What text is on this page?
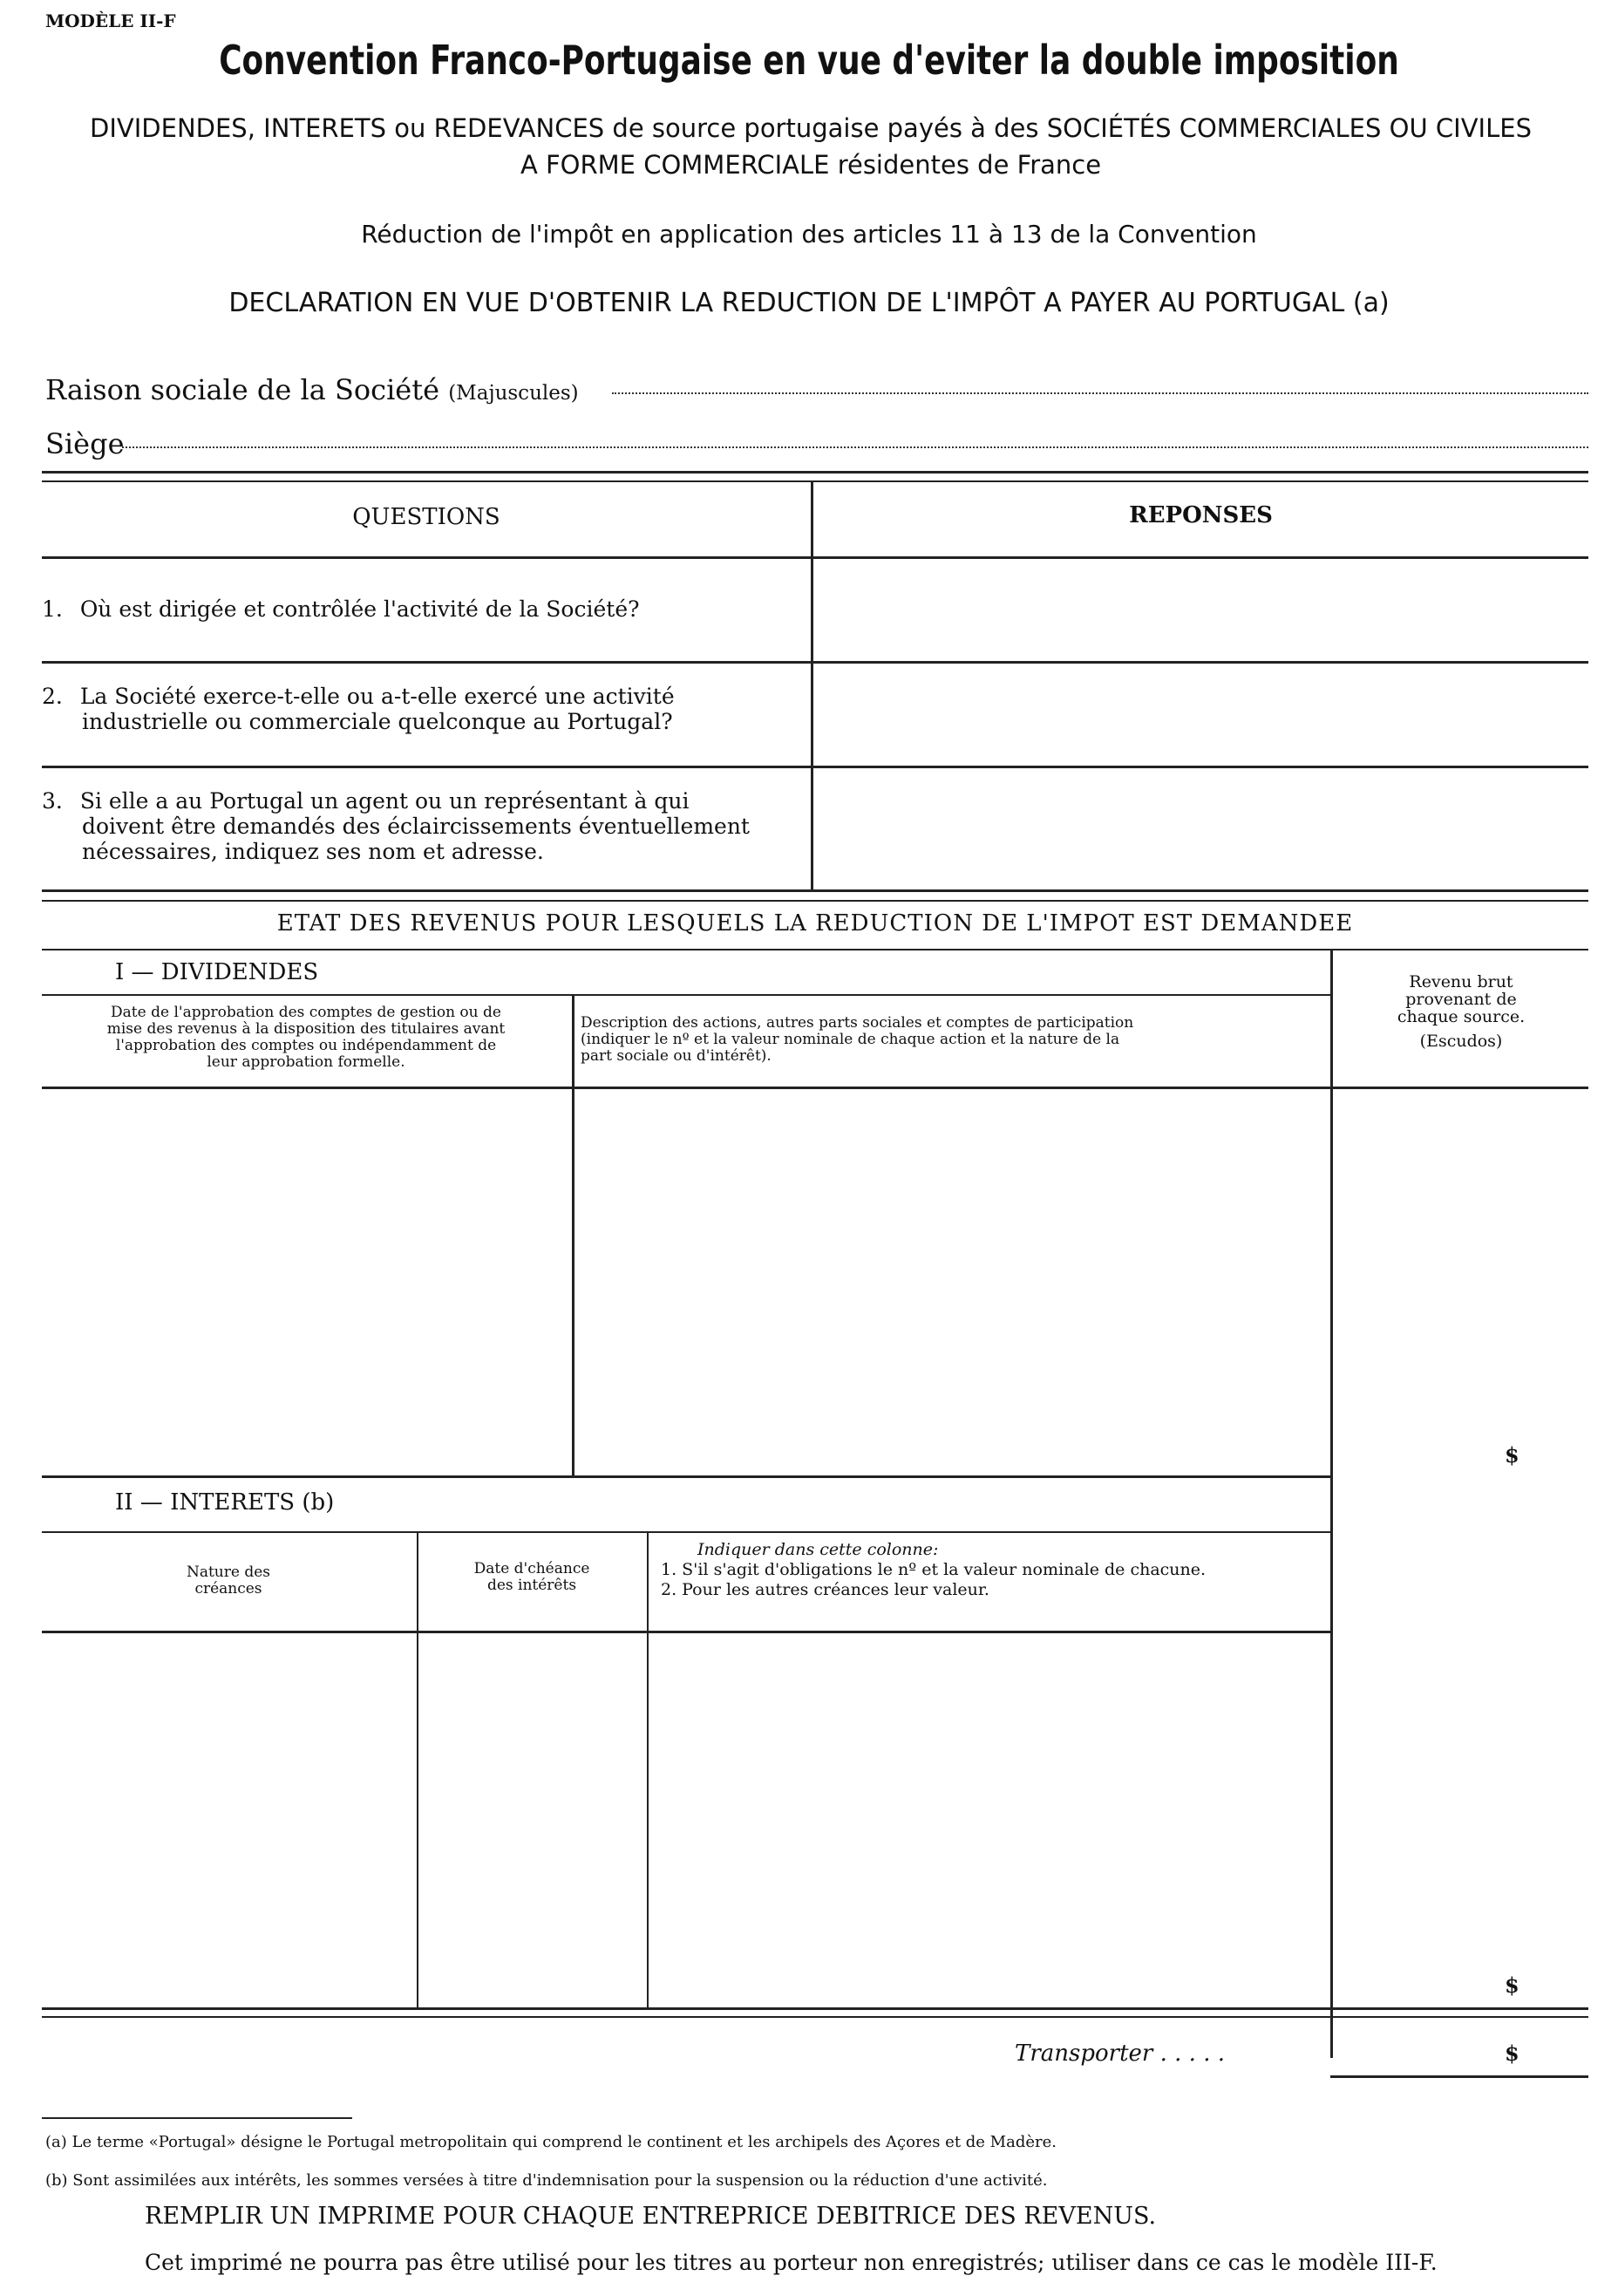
MODÈLE II-F
Convention Franco-Portugaise en vue d'eviter la double imposition
DIVIDENDES, INTERETS ou REDEVANCES de source portugaise payés à des SOCIÉTÉS COMMERCIALES OU CIVILES
A FORME COMMERCIALE résidentes de France
Réduction de l'impôt en application des articles 11 à 13 de la Convention
DECLARATION EN VUE D'OBTENIR LA REDUCTION DE L'IMPÔT A PAYER AU PORTUGAL (a)
Raison sociale de la Société (Majuscules)
Siège
QUESTIONS	REPONSES
1. Où est dirigée et contrôlée l'activité de la Société?
2. La Société exerce-t-elle ou a-t-elle exercé une activité
industrielle ou commerciale quelconque au Portugal?
3. Si elle a au Portugal un agent ou un représentant à qui
doivent être demandés des éclaircissements éventuellement
nécessaires, indiquez ses nom et adresse.
ETAT DES REVENUS POUR LESQUELS LA REDUCTION DE L'IMPOT EST DEMANDEE
Revenu brut
provenant de
chaque source.
(Escudos)
I — DIVIDENDES
Date de l'approbation des comptes de gestion ou de
mise des revenus à la disposition des titulaires avant
l'approbation des comptes ou indépendamment de
leur approbation formelle.
Description des actions, autres parts sociales et comptes de participation
(indiquer le nº et la valeur nominale de chaque action et la nature de la
part sociale ou d'intérêt).
$
II — INTERETS (b)
Nature des
créances
Date d'chéance
des intérêts
Indiquer dans cette colonne:
1. S'il s'agit d'obligations le nº et la valeur nominale de chacune.
2. Pour les autres créances leur valeur.
$
Transporter . . . . .	$
(a) Le terme «Portugal» désigne le Portugal metropolitain qui comprend le continent et les archipels des Açores et de Madère.
(b) Sont assimilées aux intérêts, les sommes versées à titre d'indemnisation pour la suspension ou la réduction d'une activité.
REMPLIR UN IMPRIME POUR CHAQUE ENTREPRICE DEBITRICE DES REVENUS.
Cet imprimé ne pourra pas être utilisé pour les titres au porteur non enregistrés; utiliser dans ce cas le modèle III-F.
